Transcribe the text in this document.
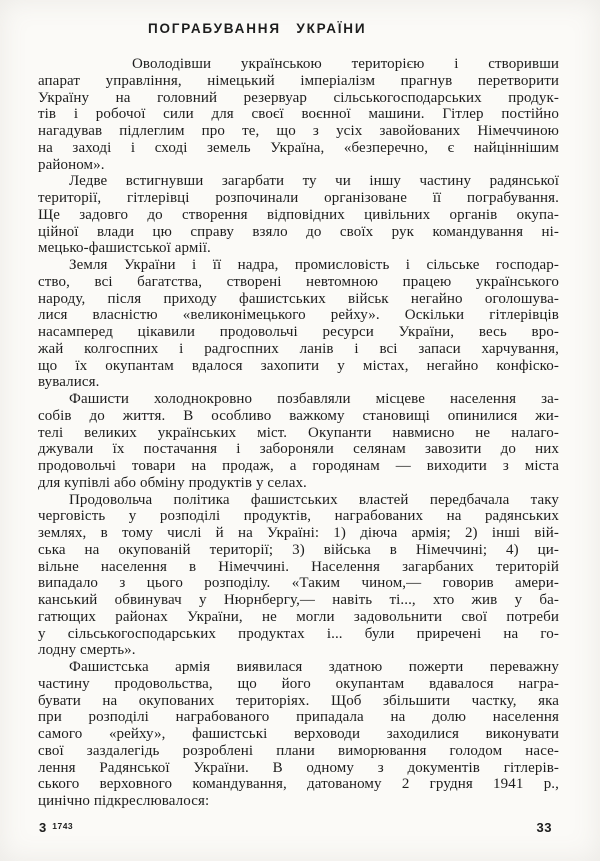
ПОГРАБУВАННЯ УКРАЇНИ
Оволодівши українською територією і створивши
апарат управління, німецький імперіалізм прагнув перетворити
Україну на головний резервуар сільськогосподарських продук-
тів і робочої сили для своєї воєнної машини. Гітлер постійно
нагадував підлеглим про те, що з усіх завойованих Німеччиною
на заході і сході земель Україна, «безперечно, є найціннішим
районом».
Ледве встигнувши загарбати ту чи іншу частину радянської
території, гітлерівці розпочинали організоване її пограбування.
Ще задовго до створення відповідних цивільних органів окупа-
ційної влади цю справу взяло до своїх рук командування ні-
мецько-фашистської армії.
Земля України і її надра, промисловість і сільське господар-
ство, всі багатства, створені невтомною працею українського
народу, після приходу фашистських військ негайно оголошува-
лися власністю «великонімецького рейху». Оскільки гітлерівців
насамперед цікавили продовольчі ресурси України, весь вро-
жай колгоспних і радгоспних ланів і всі запаси харчування,
що їх окупантам вдалося захопити у містах, негайно конфіско-
вувалися.
Фашисти холоднокровно позбавляли місцеве населення за-
собів до життя. В особливо важкому становищі опинилися жи-
телі великих українських міст. Окупанти навмисно не налаго-
джували їх постачання і забороняли селянам завозити до них
продовольчі товари на продаж, а городянам — виходити з міста
для купівлі або обміну продуктів у селах.
Продовольча політика фашистських властей передбачала таку
черговість у розподілі продуктів, награбованих на радянських
землях, в тому числі й на Україні: 1) діюча армія; 2) інші вій-
ська на окупованій території; 3) війська в Німеччині; 4) ци-
вільне населення в Німеччині. Населення загарбаних територій
випадало з цього розподілу. «Таким чином,— говорив амери-
канський обвинувач у Нюрнбергу,— навіть ті..., хто жив у ба-
гатющих районах України, не могли задовольнити свої потреби
у сільськогосподарських продуктах і... були приречені на го-
лодну смерть».
Фашистська армія виявилася здатною пожерти переважну
частину продовольства, що його окупантам вдавалося награ-
бувати на окупованих територіях. Щоб збільшити частку, яка
при розподілі награбованого припадала на долю населення
самого «рейху», фашистські верховоди заходилися виконувати
свої заздалегідь розроблені плани виморювання голодом насе-
лення Радянської України. В одному з документів гітлерів-
ського верховного командування, датованому 2 грудня 1941 р.,
цинічно підкреслювалося:
3 1743	33
